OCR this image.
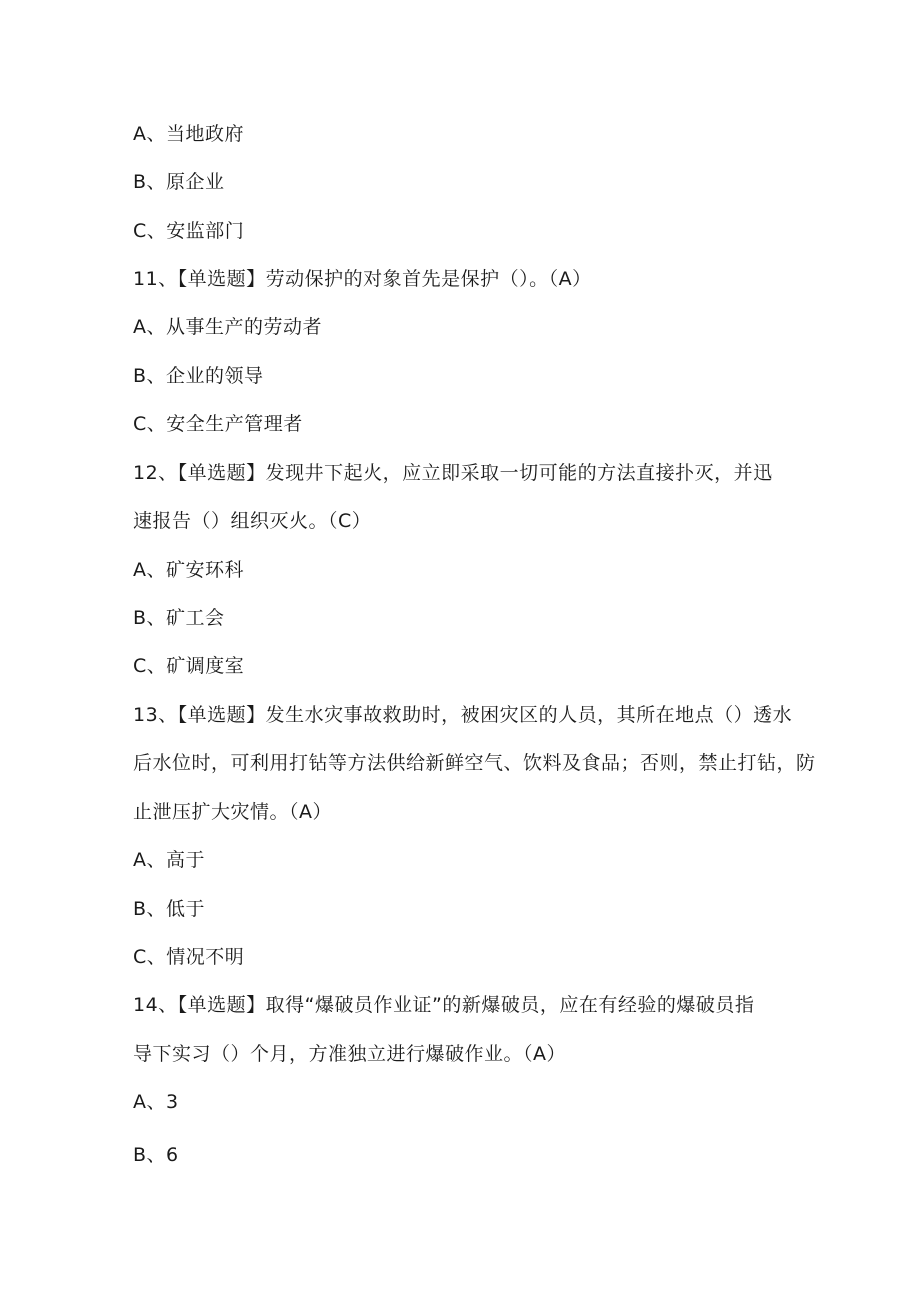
A、当地政府
B、原企业
C、安监部门
11、【单选题】劳动保护的对象首先是保护（）。（A）
A、从事生产的劳动者
B、企业的领导
C、安全生产管理者
12、【单选题】发现井下起火，应立即采取一切可能的方法直接扑灭，并迅
速报告（）组织灭火。（C）
A、矿安环科
B、矿工会
C、矿调度室
13、【单选题】发生水灾事故救助时，被困灾区的人员，其所在地点（）透水
后水位时，可利用打钻等方法供给新鲜空气、饮料及食品；否则，禁止打钻，防
止泄压扩大灾情。（A）
A、高于
B、低于
C、情况不明
14、【单选题】取得“爆破员作业证”的新爆破员，应在有经验的爆破员指
导下实习（）个月，方准独立进行爆破作业。（A）
A、3
B、6
